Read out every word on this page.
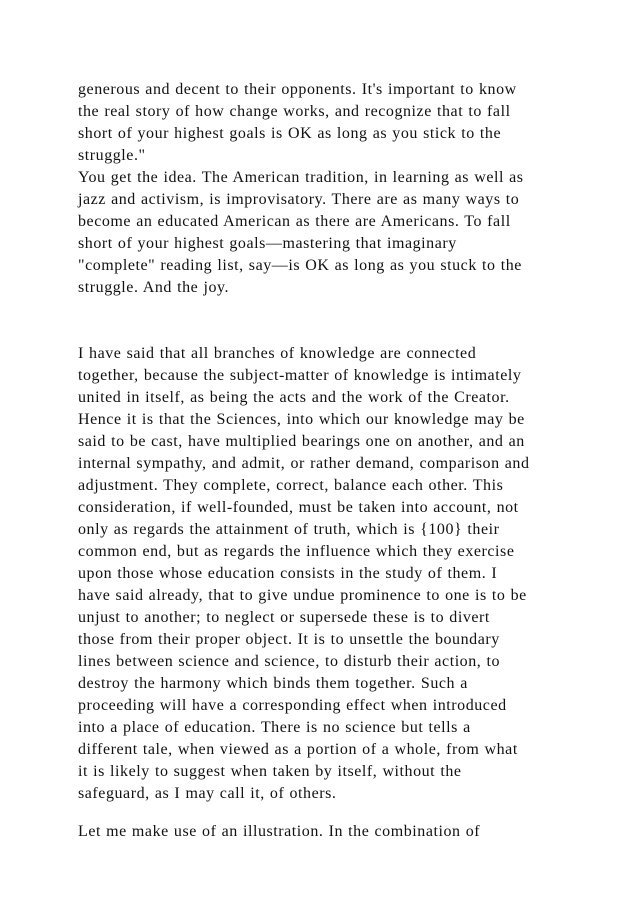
generous and decent to their opponents. It's important to know

the real story of how change works, and recognize that to fall

short of your highest goals is OK as long as you stick to the

struggle."

You get the idea. The American tradition, in learning as well as

jazz and activism, is improvisatory. There are as many ways to

become an educated American as there are Americans. To fall

short of your highest goals—mastering that imaginary

"complete" reading list, say—is OK as long as you stuck to the

struggle. And the joy.

I have said that all branches of knowledge are connected

together, because the subject-matter of knowledge is intimately

united in itself, as being the acts and the work of the Creator.

Hence it is that the Sciences, into which our knowledge may be

said to be cast, have multiplied bearings one on another, and an

internal sympathy, and admit, or rather demand, comparison and

adjustment. They complete, correct, balance each other. This

consideration, if well-founded, must be taken into account, not

only as regards the attainment of truth, which is {100} their

common end, but as regards the influence which they exercise

upon those whose education consists in the study of them. I

have said already, that to give undue prominence to one is to be

unjust to another; to neglect or supersede these is to divert

those from their proper object. It is to unsettle the boundary

lines between science and science, to disturb their action, to

destroy the harmony which binds them together. Such a

proceeding will have a corresponding effect when introduced

into a place of education. There is no science but tells a

different tale, when viewed as a portion of a whole, from what

it is likely to suggest when taken by itself, without the

safeguard, as I may call it, of others.

Let me make use of an illustration. In the combination of
